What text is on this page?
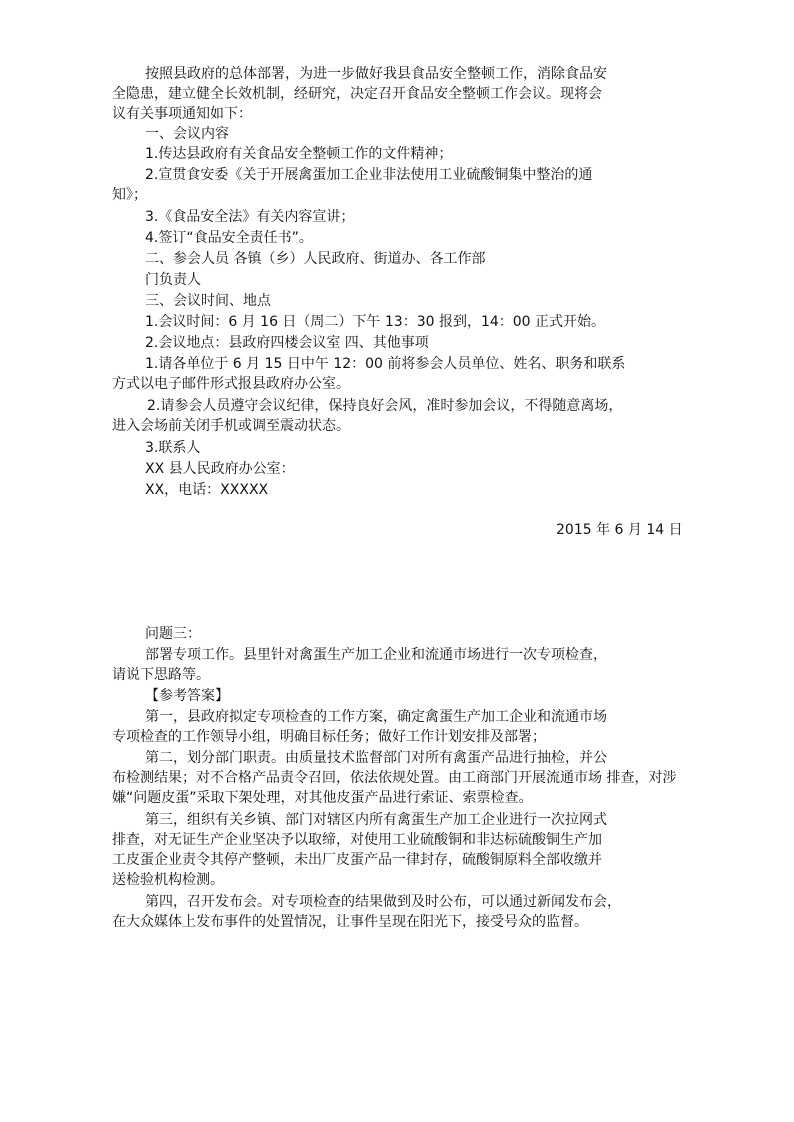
按照县政府的总体部署，为进一步做好我县食品安全整顿工作，消除食品安
全隐患，建立健全长效机制，经研究，决定召开食品安全整顿工作会议。现将会
议有关事项通知如下：
一、会议内容
1.传达县政府有关食品安全整顿工作的文件精神；
2.宣贯食安委《关于开展禽蛋加工企业非法使用工业硫酸铜集中整治的通
知》；
3.《食品安全法》有关内容宣讲；
4.签订“食品安全责任书”。
二、参会人员 各镇（乡）人民政府、街道办、各工作部
门负责人
三、会议时间、地点
1.会议时间：6 月 16 日（周二）下午 13：30 报到，14：00 正式开始。
2.会议地点：县政府四楼会议室 四、其他事项
1.请各单位于 6 月 15 日中午 12：00 前将参会人员单位、姓名、职务和联系
方式以电子邮件形式报县政府办公室。
2.请参会人员遵守会议纪律，保持良好会风，准时参加会议，不得随意离场，
进入会场前关闭手机或调至震动状态。
3.联系人
XX 县人民政府办公室：
XX，电话：XXXXX
2015 年 6 月 14 日
问题三：
部署专项工作。县里针对禽蛋生产加工企业和流通市场进行一次专项检查，
请说下思路等。
【参考答案】
第一，县政府拟定专项检查的工作方案，确定禽蛋生产加工企业和流通市场
专项检查的工作领导小组，明确目标任务；做好工作计划安排及部署；
第二，划分部门职责。由质量技术监督部门对所有禽蛋产品进行抽检，并公
布检测结果；对不合格产品责令召回，依法依规处置。由工商部门开展流通市场 排查，对涉
嫌“问题皮蛋”采取下架处理，对其他皮蛋产品进行索证、索票检查。
第三，组织有关乡镇、部门对辖区内所有禽蛋生产加工企业进行一次拉网式
排查，对无证生产企业坚决予以取缔，对使用工业硫酸铜和非达标硫酸铜生产加
工皮蛋企业责令其停产整顿，未出厂皮蛋产品一律封存，硫酸铜原料全部收缴并
送检验机构检测。
第四，召开发布会。对专项检查的结果做到及时公布，可以通过新闻发布会，
在大众媒体上发布事件的处置情况，让事件呈现在阳光下，接受号众的监督。
